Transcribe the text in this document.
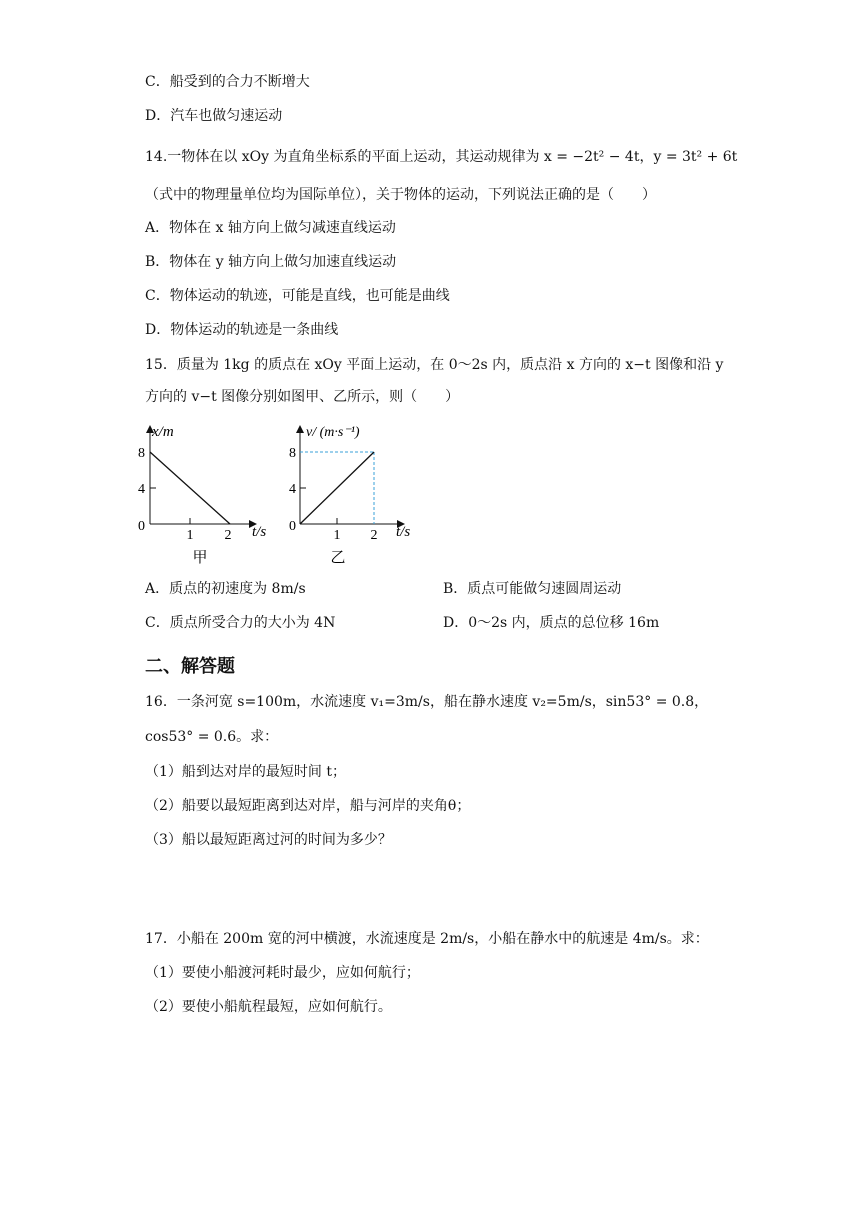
C．船受到的合力不断增大
D．汽车也做匀速运动
14.一物体在以 xOy 为直角坐标系的平面上运动，其运动规律为 x = −2t² − 4t，y = 3t² + 6t
（式中的物理量单位均为国际单位），关于物体的运动，下列说法正确的是（　　）
A．物体在 x 轴方向上做匀减速直线运动
B．物体在 y 轴方向上做匀加速直线运动
C．物体运动的轨迹，可能是直线，也可能是曲线
D．物体运动的轨迹是一条曲线
15．质量为 1kg 的质点在 xOy 平面上运动，在 0～2s 内，质点沿 x 方向的 x−t 图像和沿 y
方向的 v−t 图像分别如图甲、乙所示，则（　　）
x/m
8
4
0
1 2 t/s
甲
v/ (m·s⁻¹)
8
4
0
1 2 t/s
乙
A．质点的初速度为 8m/s	B．质点可能做匀速圆周运动
C．质点所受合力的大小为 4N	D．0～2s 内，质点的总位移 16m
二、解答题
16．一条河宽 s=100m，水流速度 v₁=3m/s，船在静水速度 v₂=5m/s，sin53° = 0.8，
cos53° = 0.6。求：
（1）船到达对岸的最短时间 t；
（2）船要以最短距离到达对岸，船与河岸的夹角θ；
（3）船以最短距离过河的时间为多少？
17．小船在 200m 宽的河中横渡，水流速度是 2m/s，小船在静水中的航速是 4m/s。求：
（1）要使小船渡河耗时最少，应如何航行；
（2）要使小船航程最短，应如何航行。
